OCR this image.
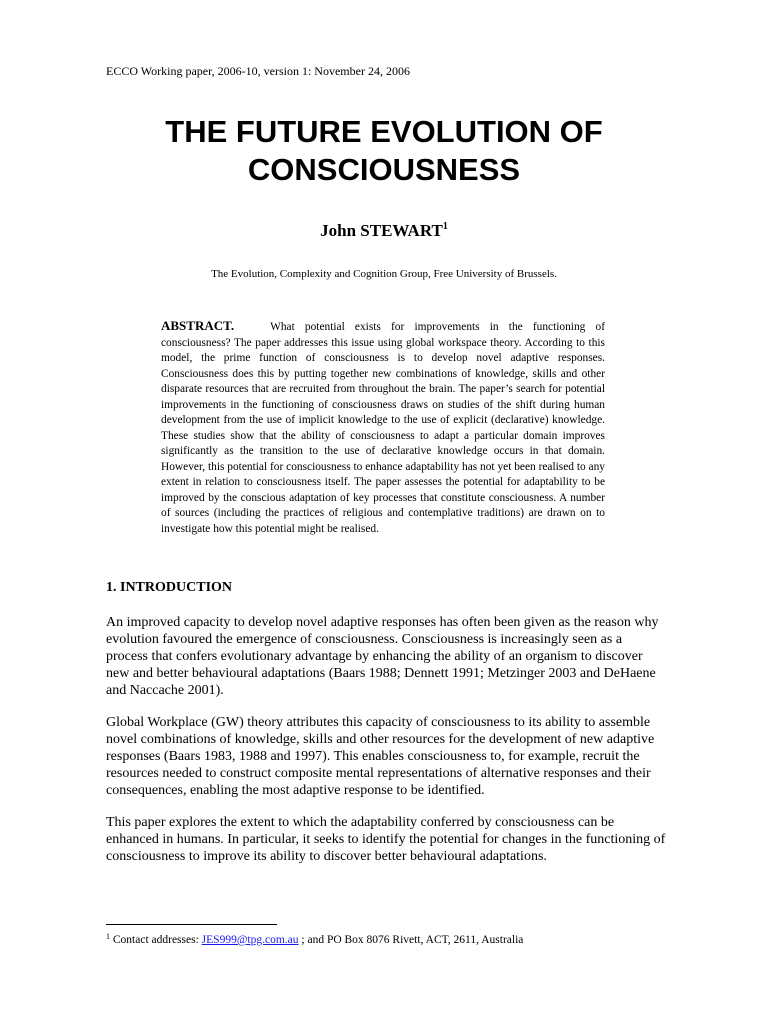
ECCO Working paper, 2006-10, version 1: November 24, 2006
THE FUTURE EVOLUTION OF
CONSCIOUSNESS
John STEWART$^1$
The Evolution, Complexity and Cognition Group, Free University of Brussels.

ABSTRACT.	What potential exists for improvements in the functioning of consciousness? The paper addresses this issue using global workspace theory. According to this model, the prime function of consciousness is to develop novel adaptive responses. Consciousness does this by putting together new combinations of knowledge, skills and other disparate resources that are recruited from throughout the brain. The paper’s search for potential improvements in the functioning of consciousness draws on studies of the shift during human development from the use of implicit knowledge to the use of explicit (declarative) knowledge. These studies show that the ability of consciousness to adapt a particular domain improves significantly as the transition to the use of declarative knowledge occurs in that domain. However, this potential for consciousness to enhance adaptability has not yet been realised to any extent in relation to consciousness itself. The paper assesses the potential for adaptability to be improved by the conscious adaptation of key processes that constitute consciousness. A number of sources (including the practices of religious and contemplative traditions) are drawn on to investigate how this potential might be realised.

1. INTRODUCTION

An improved capacity to develop novel adaptive responses has often been given as the reason why evolution favoured the emergence of consciousness. Consciousness is increasingly seen as a process that confers evolutionary advantage by enhancing the ability of an organism to discover new and better behavioural adaptations (Baars 1988; Dennett 1991; Metzinger 2003 and DeHaene and Naccache 2001).

Global Workplace (GW) theory attributes this capacity of consciousness to its ability to assemble novel combinations of knowledge, skills and other resources for the development of new adaptive responses (Baars 1983, 1988 and 1997). This enables consciousness to, for example, recruit the resources needed to construct composite mental representations of alternative responses and their consequences, enabling the most adaptive response to be identified.

This paper explores the extent to which the adaptability conferred by consciousness can be enhanced in humans. In particular, it seeks to identify the potential for changes in the functioning of consciousness to improve its ability to discover better behavioural adaptations.

$^1$ Contact addresses: JES999@tpg.com.au ; and PO Box 8076 Rivett, ACT, 2611, Australia
